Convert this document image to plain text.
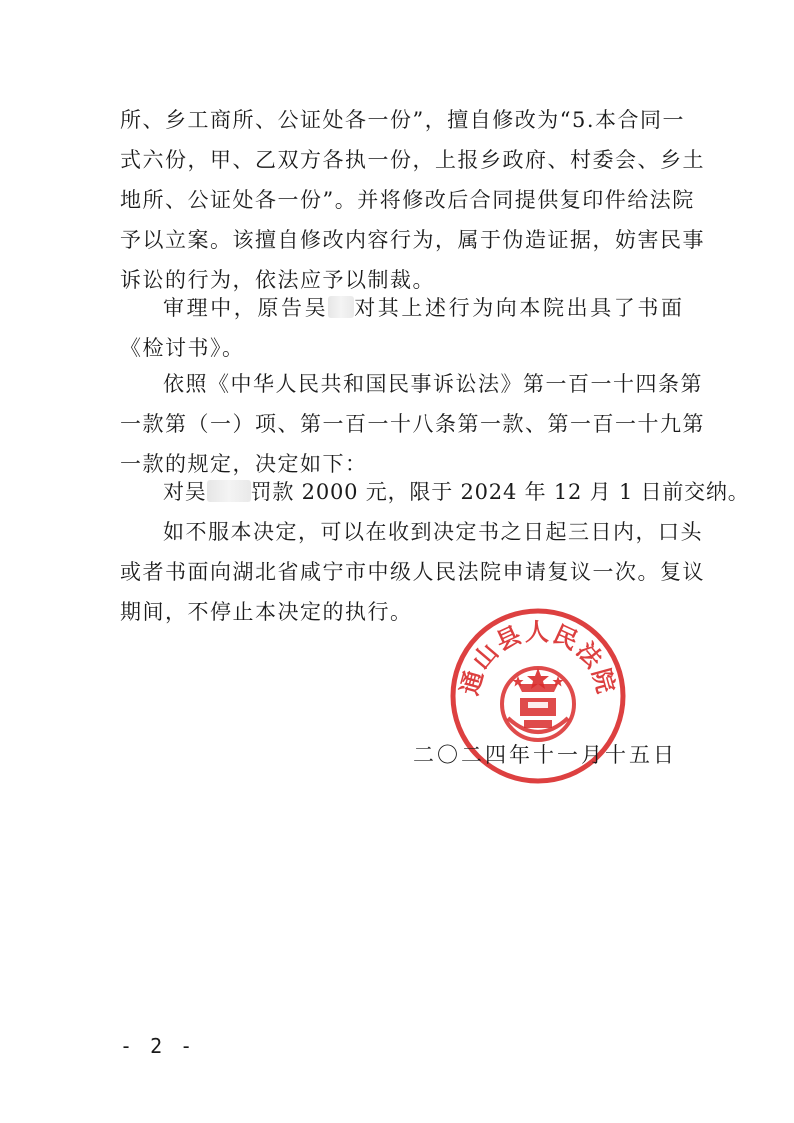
所、乡工商所、公证处各一份”，擅自修改为“5.本合同一
式六份，甲、乙双方各执一份，上报乡政府、村委会、乡土
地所、公证处各一份”。并将修改后合同提供复印件给法院
予以立案。该擅自修改内容行为，属于伪造证据，妨害民事
诉讼的行为，依法应予以制裁。
审理中，原告吴 对其上述行为向本院出具了书面
《检讨书》。
依照《中华人民共和国民事诉讼法》第一百一十四条第
一款第（一）项、第一百一十八条第一款、第一百一十九第
一款的规定，决定如下：
对吴 罚款 2000 元，限于 2024 年 12 月 1 日前交纳。
如不服本决定，可以在收到决定书之日起三日内，口头
或者书面向湖北省咸宁市中级人民法院申请复议一次。复议
期间，不停止本决定的执行。
通山县人民法院
二〇二四年十一月十五日
- 2 -
